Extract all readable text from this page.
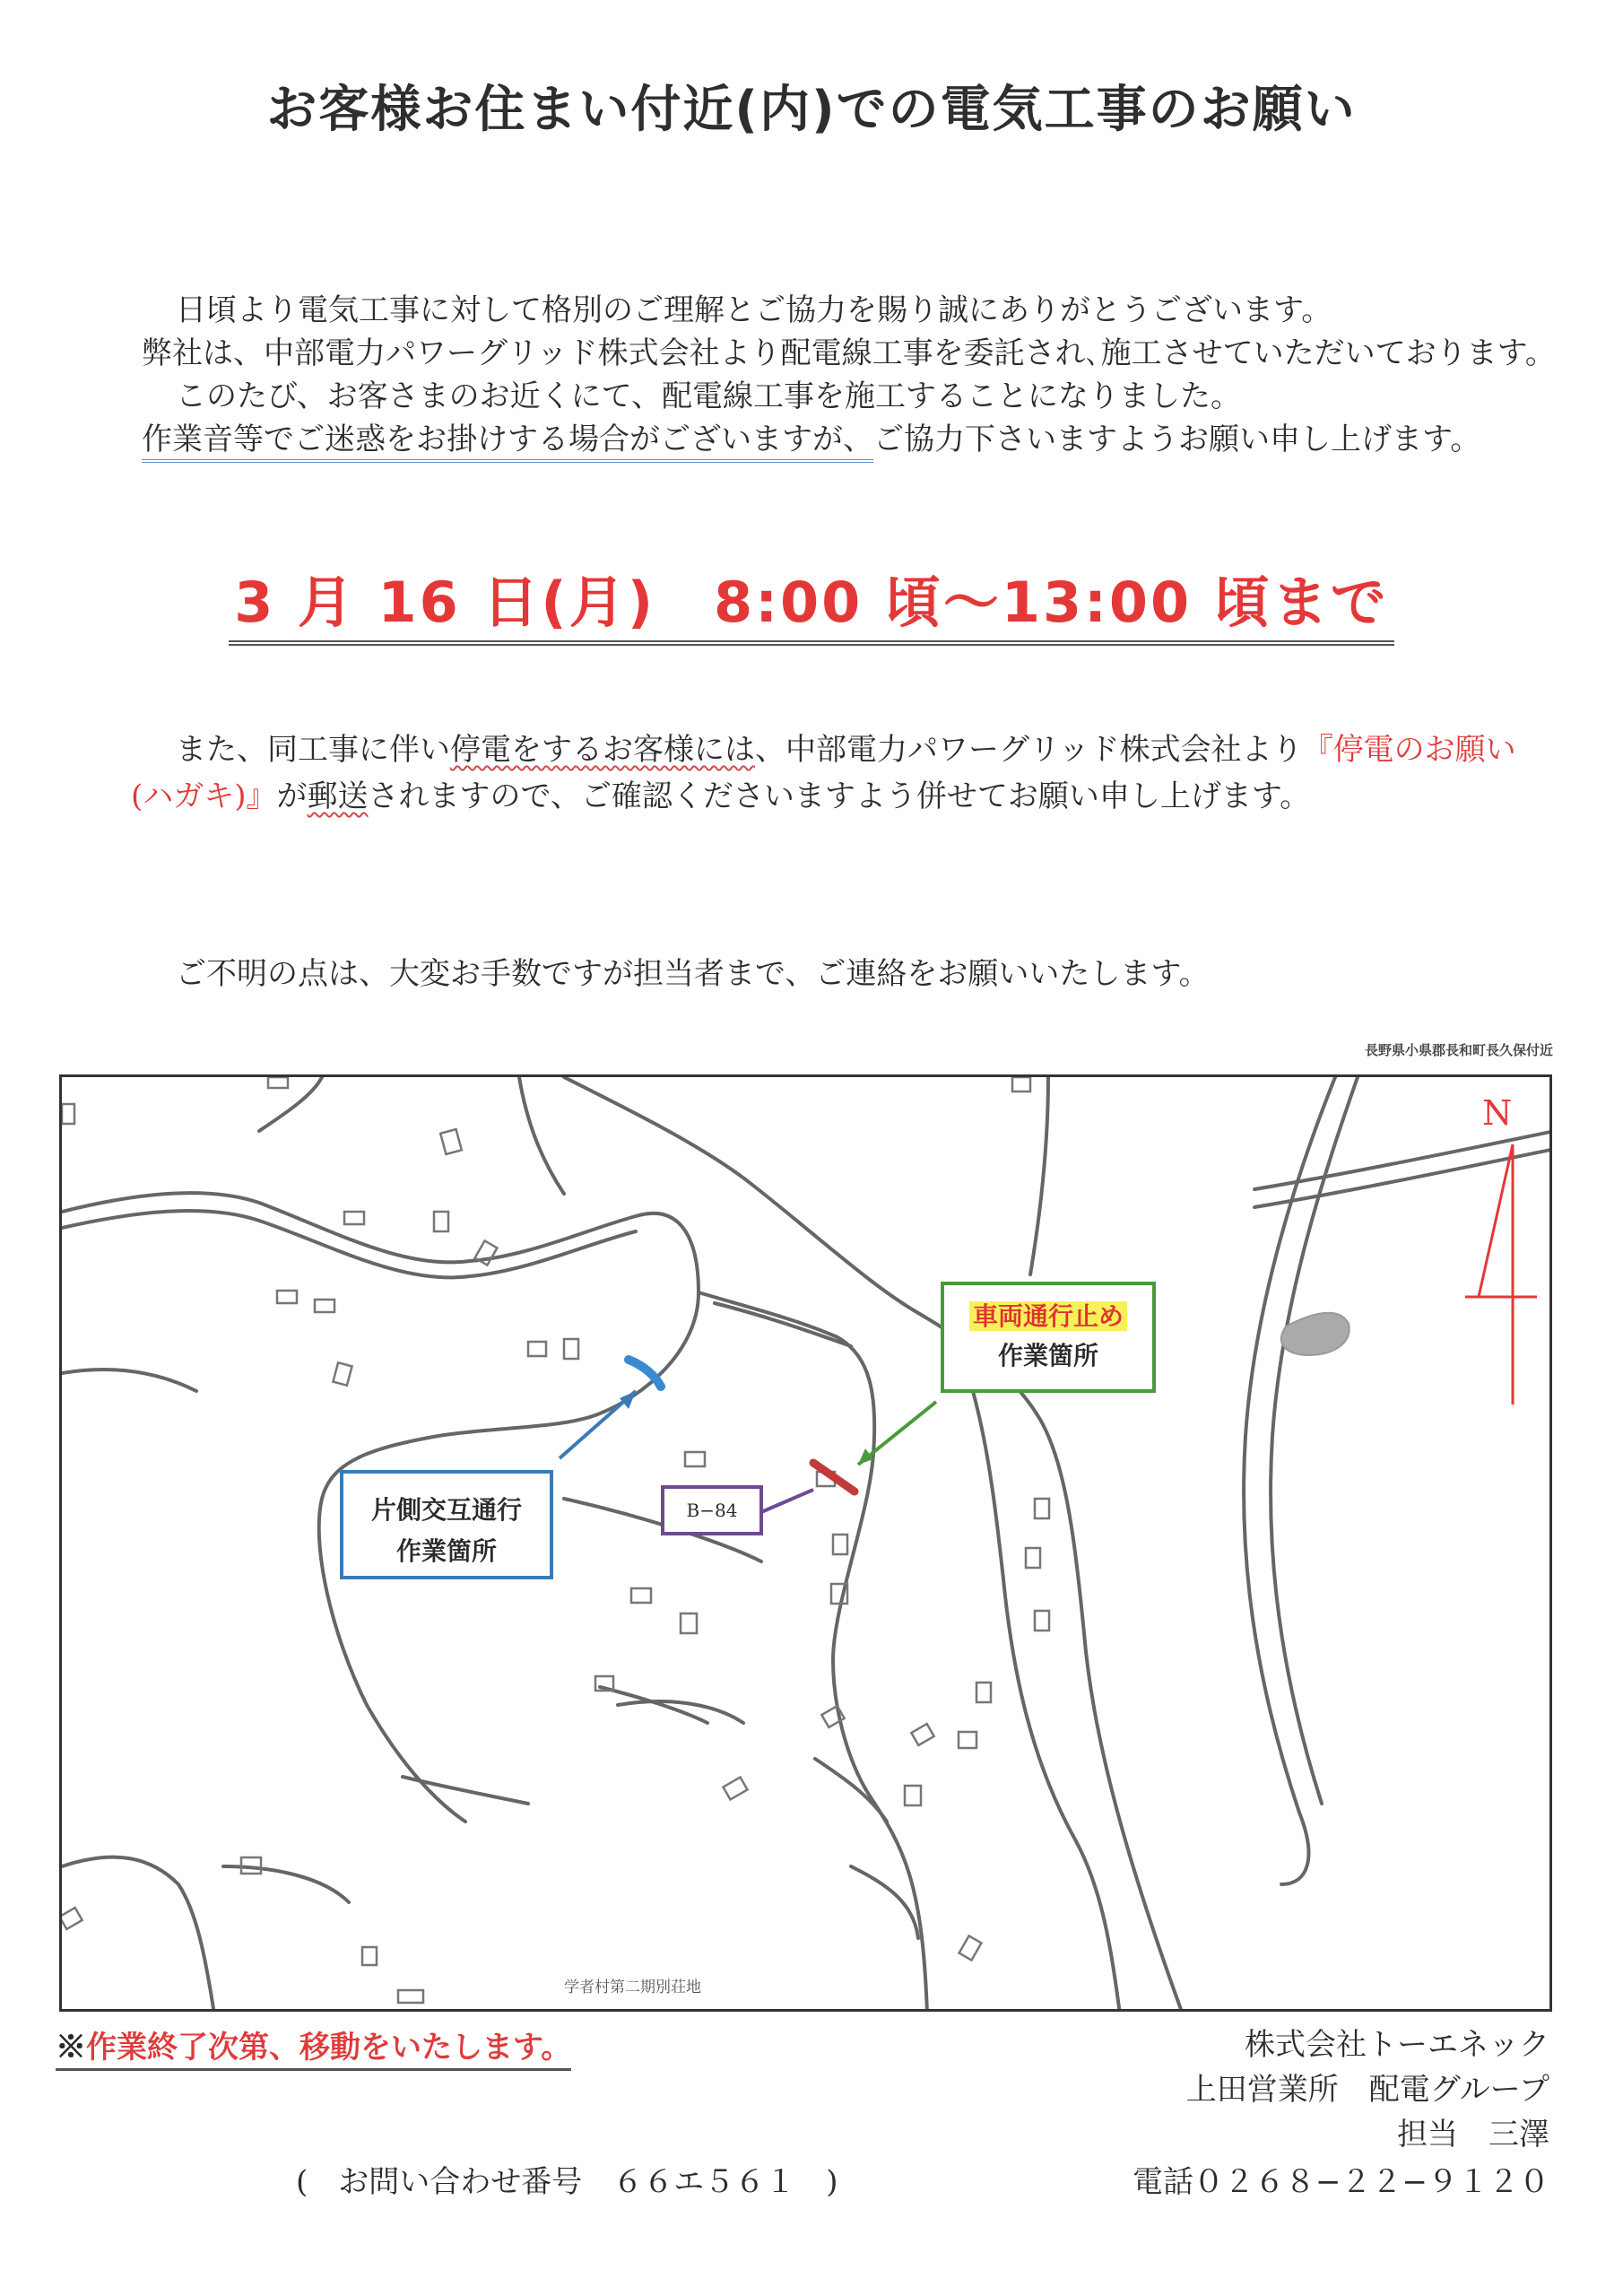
お客様お住まい付近(内)での電気工事のお願い
日頃より電気工事に対して格別のご理解とご協力を賜り誠にありがとうございます。
弊社は、中部電力パワーグリッド株式会社より配電線工事を委託され､施工させていただいております。
このたび、お客さまのお近くにて、配電線工事を施工することになりました。
作業音等でご迷惑をお掛けする場合がございますが、ご協力下さいますようお願い申し上げます。
3 月 16 日(月)　8:00 頃～13:00 頃まで
また、同工事に伴い停電をするお客様には、中部電力パワーグリッド株式会社より『停電のお願い
(ハガキ)』が郵送されますので、ご確認くださいますよう併せてお願い申し上げます。
ご不明の点は、大変お手数ですが担当者まで、ご連絡をお願いいたします。
長野県小県郡長和町長久保付近
N
学者村第二期別荘地
車両通行止め
作業箇所
片側交互通行
作業箇所
B−84
※作業終了次第、移動をいたします。	株式会社トーエネック
上田営業所　配電グループ
担当　三澤
電話０２６８−２２−９１２０
(　お問い合わせ番号　６６エ５６１　)
